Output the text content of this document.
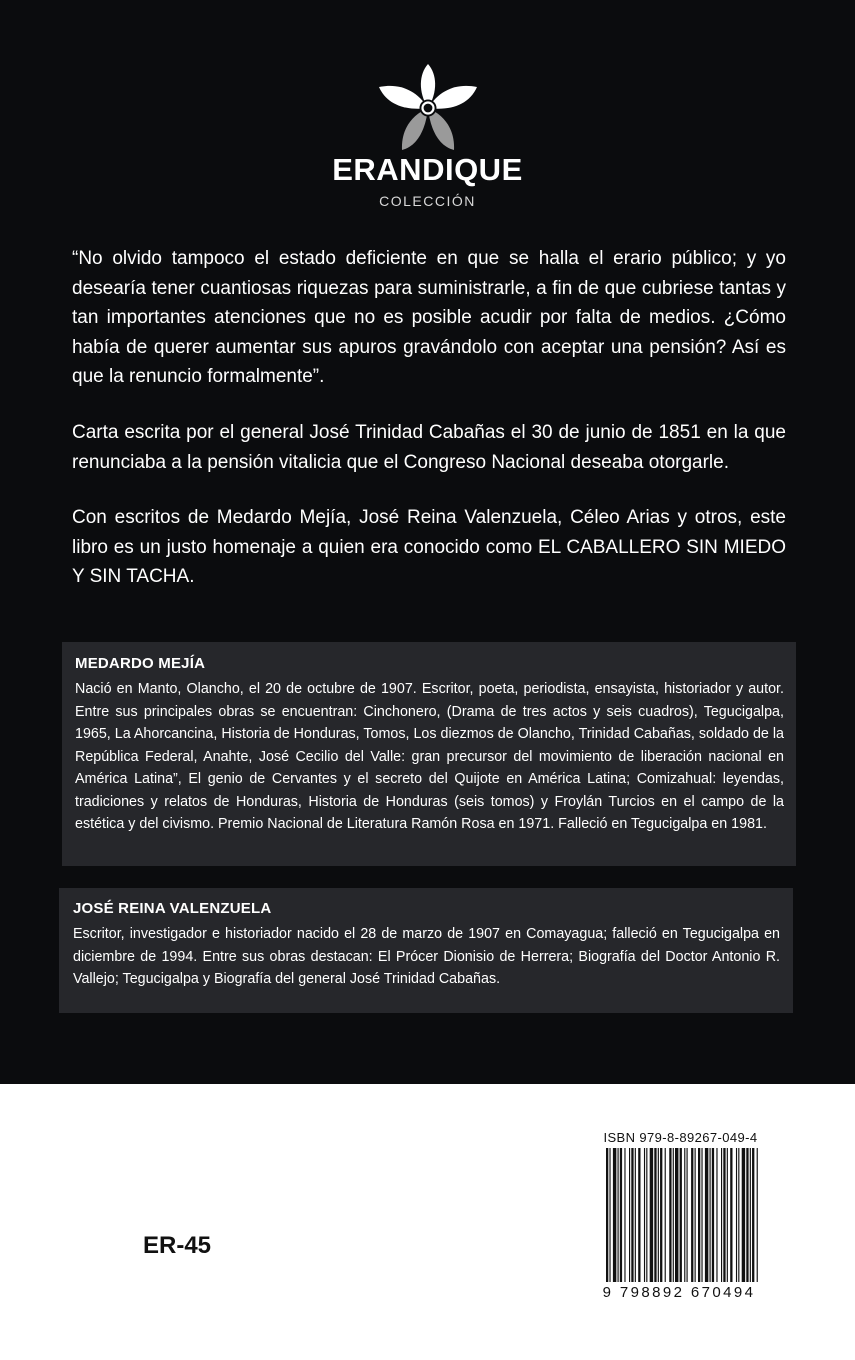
ERANDIQUE
COLECCIÓN

“No olvido tampoco el estado deficiente en que se halla el erario público; y yo desearía tener cuantiosas riquezas para suministrarle, a fin de que cubriese tantas y tan importantes atenciones que no es posible acudir por falta de medios. ¿Cómo había de querer aumentar sus apuros gravándolo con aceptar una pensión? Así es que la renuncio formalmente”.

Carta escrita por el general José Trinidad Cabañas el 30 de junio de 1851 en la que renunciaba a la pensión vitalicia que el Congreso Nacional deseaba otorgarle.

Con escritos de Medardo Mejía, José Reina Valenzuela, Céleo Arias y otros, este libro es un justo homenaje a quien era conocido como EL CABALLERO SIN MIEDO Y SIN TACHA.

MEDARDO MEJÍA

Nació en Manto, Olancho, el 20 de octubre de 1907. Escritor, poeta, periodista, ensayista, historiador y autor. Entre sus principales obras se encuentran: Cinchonero, (Drama de tres actos y seis cuadros), Tegucigalpa, 1965, La Ahorcancina, Historia de Honduras, Tomos, Los diezmos de Olancho, Trinidad Cabañas, soldado de la República Federal, Anahte, José Cecilio del Valle: gran precursor del movimiento de liberación nacional en América Latina”, El genio de Cervantes y el secreto del Quijote en América Latina; Comizahual: leyendas, tradiciones y relatos de Honduras, Historia de Honduras (seis tomos) y Froylán Turcios en el campo de la estética y del civismo. Premio Nacional de Literatura Ramón Rosa en 1971. Falleció en Tegucigalpa en 1981.

JOSÉ REINA VALENZUELA

Escritor, investigador e historiador nacido el 28 de marzo de 1907 en Comayagua; falleció en Tegucigalpa en diciembre de 1994. Entre sus obras destacan: El Prócer Dionisio de Herrera; Biografía del Doctor Antonio R. Vallejo; Tegucigalpa y Biografía del general José Trinidad Cabañas.

ER-45
ISBN 979-8-89267-049-4
9 798892 670494
